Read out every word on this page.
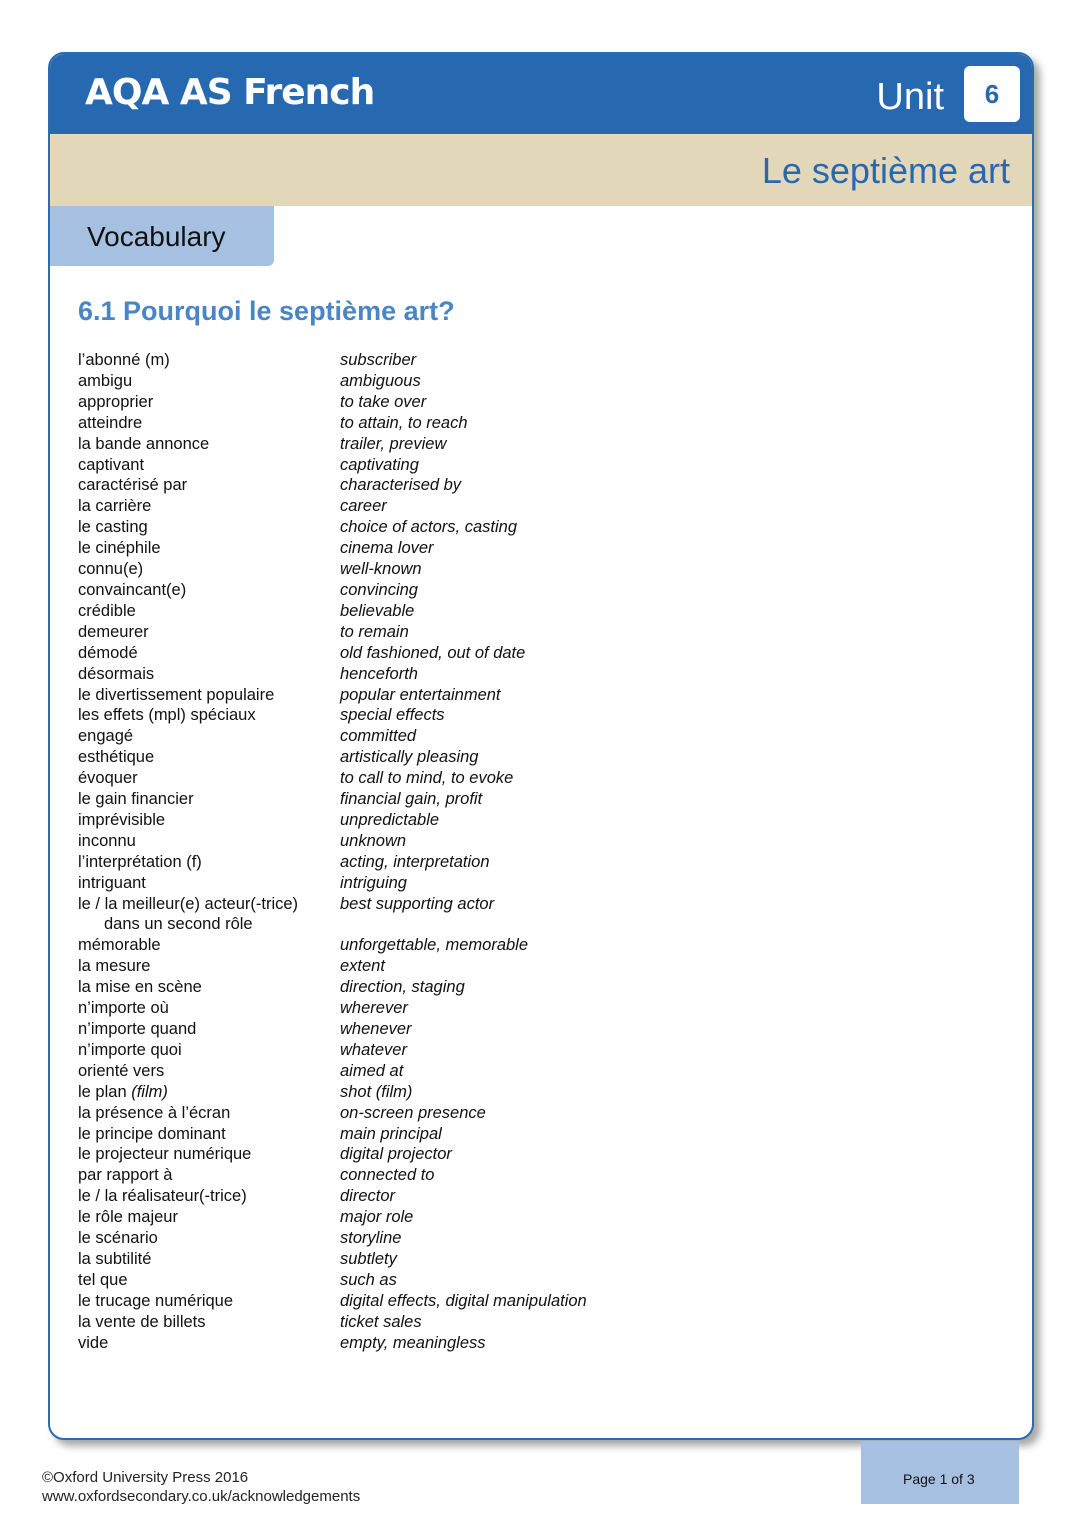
AQA AS French	Unit	6
Le septième art
Vocabulary
6.1 Pourquoi le septième art?
l’abonné (m)	subscriber
ambigu	ambiguous
approprier	to take over
atteindre	to attain, to reach
la bande annonce	trailer, preview
captivant	captivating
caractérisé par	characterised by
la carrière	career
le casting	choice of actors, casting
le cinéphile	cinema lover
connu(e)	well-known
convaincant(e)	convincing
crédible	believable
demeurer	to remain
démodé	old fashioned, out of date
désormais	henceforth
le divertissement populaire	popular entertainment
les effets (mpl) spéciaux	special effects
engagé	committed
esthétique	artistically pleasing
évoquer	to call to mind, to evoke
le gain financier	financial gain, profit
imprévisible	unpredictable
inconnu	unknown
l’interprétation (f)	acting, interpretation
intriguant	intriguing
le / la meilleur(e) acteur(-trice)	best supporting actor
dans un second rôle
mémorable	unforgettable, memorable
la mesure	extent
la mise en scène	direction, staging
n’importe où	wherever
n’importe quand	whenever
n’importe quoi	whatever
orienté vers	aimed at
le plan (film)	shot (film)
la présence à l’écran	on-screen presence
le principe dominant	main principal
le projecteur numérique	digital projector
par rapport à	connected to
le / la réalisateur(-trice)	director
le rôle majeur	major role
le scénario	storyline
la subtilité	subtlety
tel que	such as
le trucage numérique	digital effects, digital manipulation
la vente de billets	ticket sales
vide	empty, meaningless
©Oxford University Press 2016
www.oxfordsecondary.co.uk/acknowledgements
Page 1 of 3
